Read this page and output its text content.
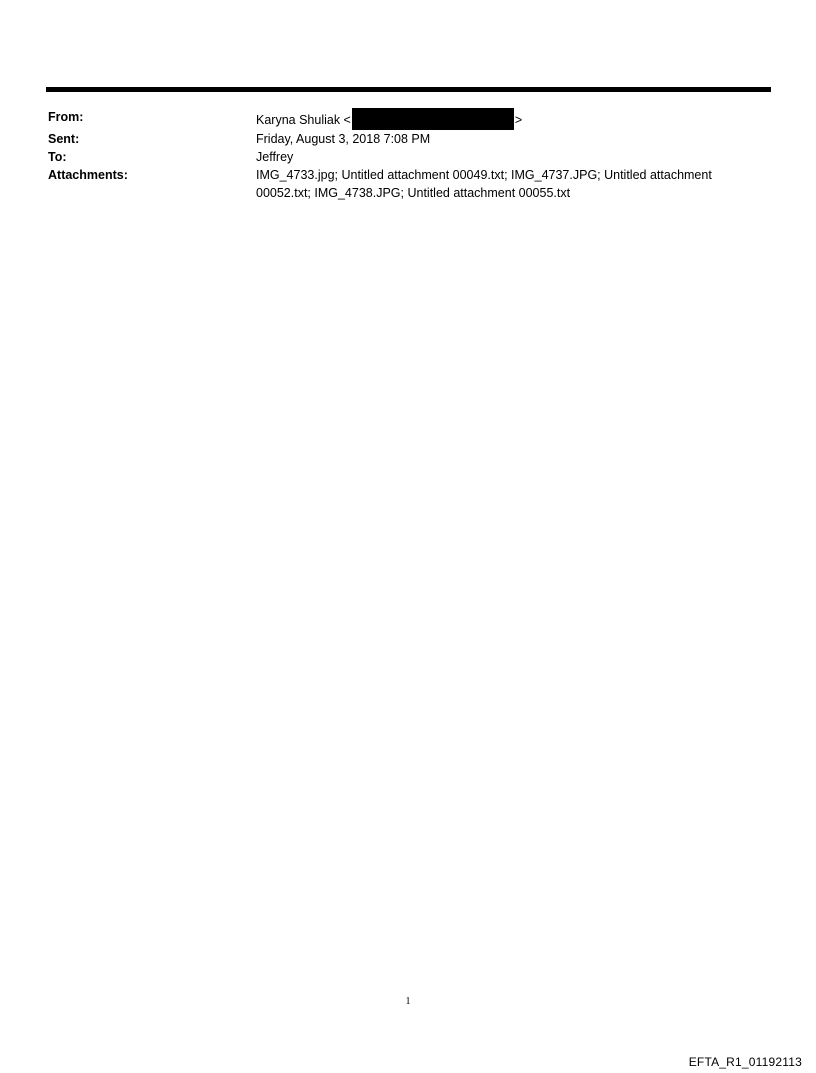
From:	Karyna Shuliak <	>
Sent:	Friday, August 3, 2018 7:08 PM
To:	Jeffrey
Attachments:	IMG_4733.jpg; Untitled attachment 00049.txt; IMG_4737.JPG; Untitled attachment
00052.txt; IMG_4738.JPG; Untitled attachment 00055.txt
1
EFTA_R1_01192113
